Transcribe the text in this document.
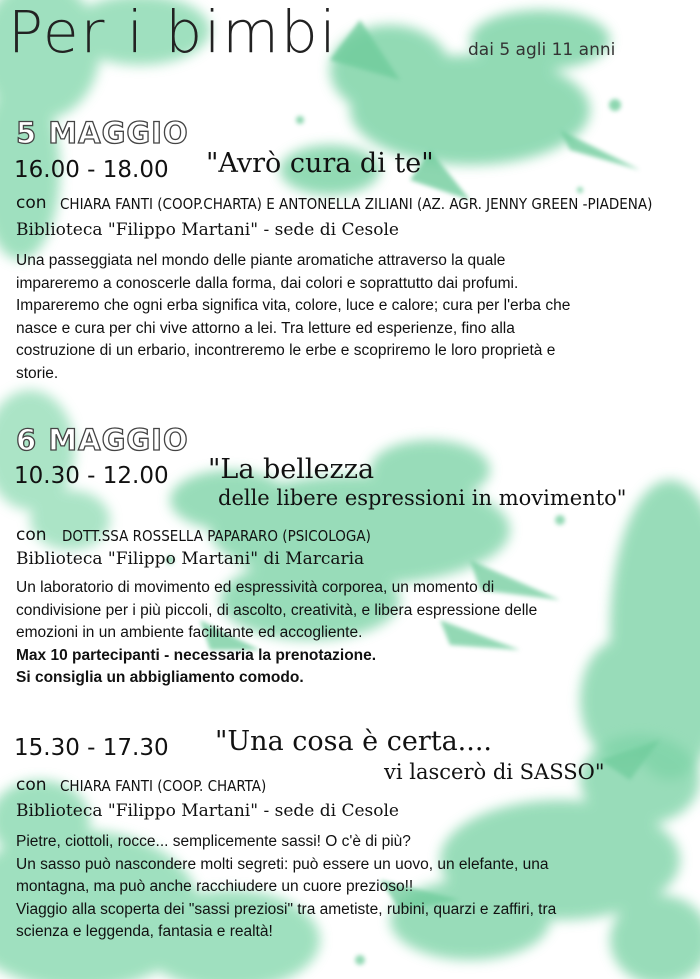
Per i bimbi	dai 5 agli 11 anni
5 MAGGIO
16.00 - 18.00 "Avrò cura di te"
con CHIARA FANTI (COOP.CHARTA) E ANTONELLA ZILIANI (AZ. AGR. JENNY GREEN -PIADENA)
Biblioteca "Filippo Martani" - sede di Cesole

Una passeggiata nel mondo delle piante aromatiche attraverso la quale

impareremo a conoscerle dalla forma, dai colori e soprattutto dai profumi.

Impareremo che ogni erba significa vita, colore, luce e calore; cura per l'erba che

nasce e cura per chi vive attorno a lei. Tra letture ed esperienze, fino alla

costruzione di un erbario, incontreremo le erbe e scopriremo le loro proprietà e

storie.

6 MAGGIO
10.30 - 12.00 "La bellezza
delle libere espressioni in movimento"
con DOTT.SSA ROSSELLA PAPARARO (PSICOLOGA)
Biblioteca "Filippo Martani" di Marcaria

Un laboratorio di movimento ed espressività corporea, un momento di

condivisione per i più piccoli, di ascolto, creatività, e libera espressione delle

emozioni in un ambiente facilitante ed accogliente.

Max 10 partecipanti - necessaria la prenotazione.

Si consiglia un abbigliamento comodo.

15.30 - 17.30 "Una cosa è certa....
vi lascerò di SASSO"
con CHIARA FANTI (COOP. CHARTA)
Biblioteca "Filippo Martani" - sede di Cesole

Pietre, ciottoli, rocce... semplicemente sassi! O c'è di più?

Un sasso può nascondere molti segreti: può essere un uovo, un elefante, una

montagna, ma può anche racchiudere un cuore prezioso!!

Viaggio alla scoperta dei "sassi preziosi" tra ametiste, rubini, quarzi e zaffiri, tra

scienza e leggenda, fantasia e realtà!
